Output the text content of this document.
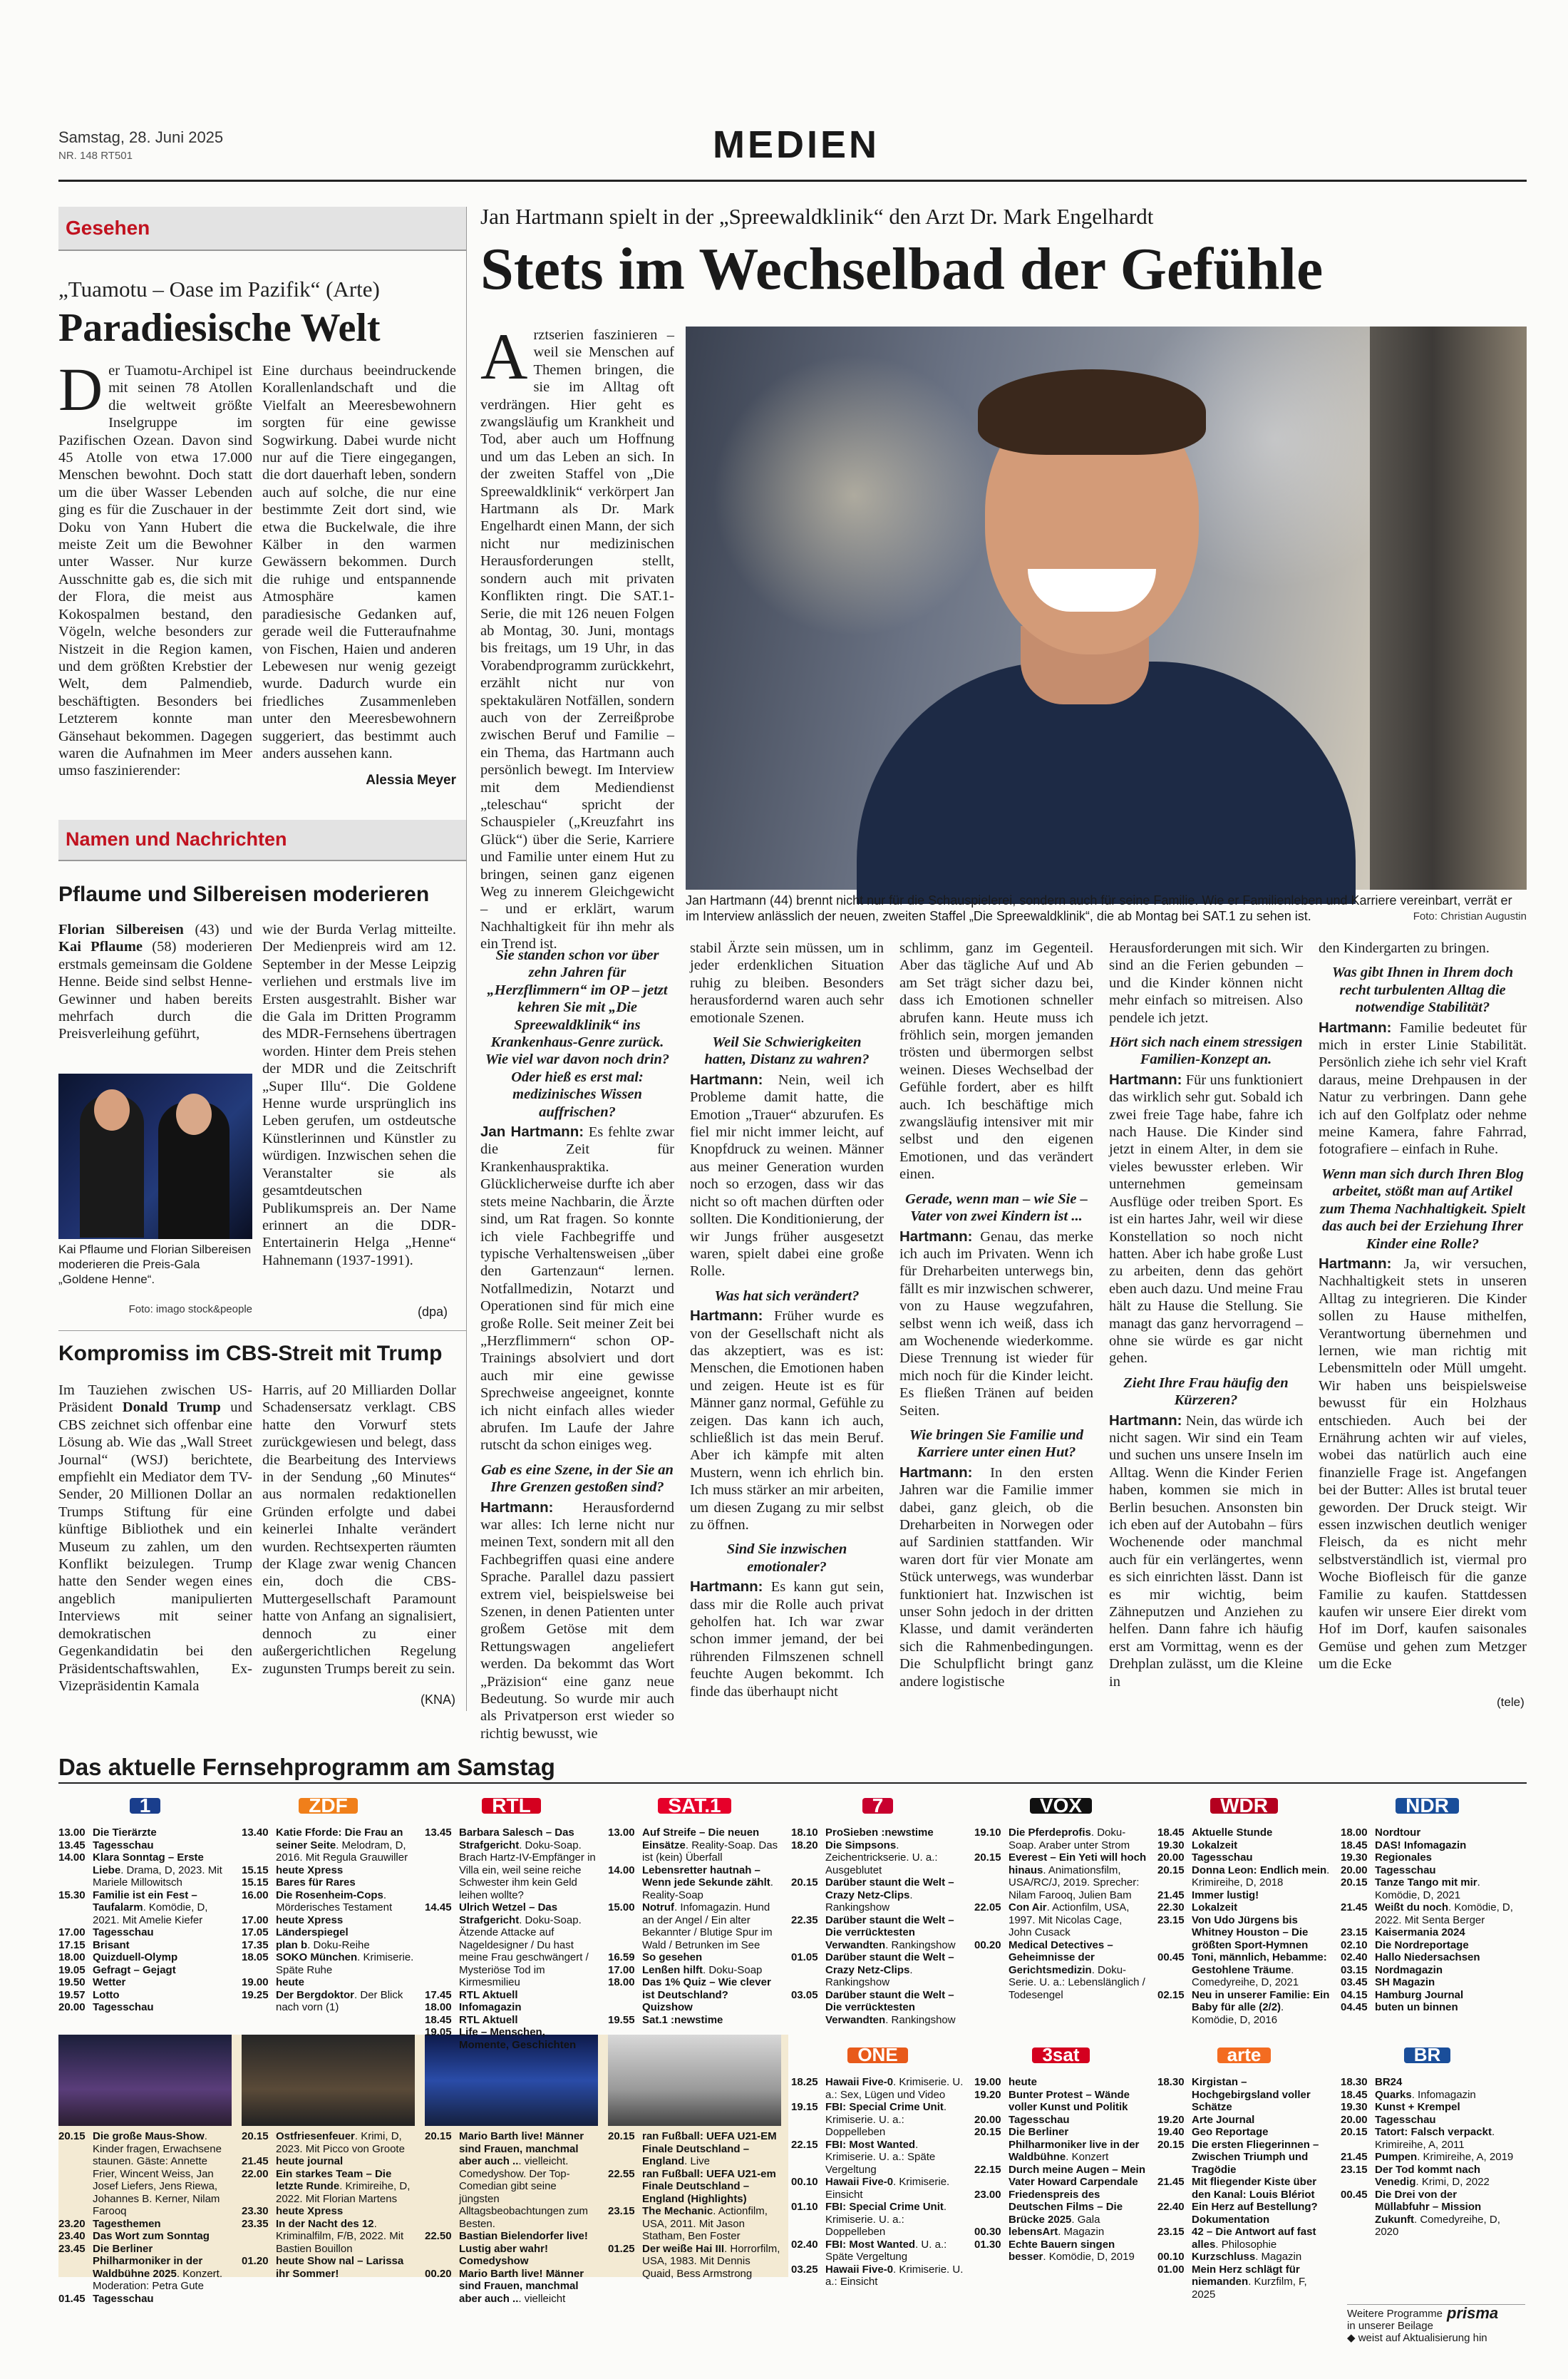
Samstag, 28. Juni 2025
NR. 148 RT501	MEDIEN
Gesehen
„Tuamotu – Oase im Pazifik“ (Arte)
Paradiesische Welt
Der Tuamotu-Archipel ist mit seinen 78 Atollen die weltweit größte Inselgruppe im Pazifischen Ozean. Davon sind 45 Atolle von etwa 17.000 Menschen bewohnt. Doch statt um die über Wasser Lebenden ging es für die Zuschauer in der Doku von Yann Hubert die meiste Zeit um die Bewohner unter Wasser. Nur kurze Ausschnitte gab es, die sich mit der Flora, die meist aus Kokospalmen bestand, den Vögeln, welche besonders zur Nistzeit in die Region kamen, und dem größten Krebstier der Welt, dem Palmendieb, beschäftigten. Besonders bei Letzterem konnte man Gänsehaut bekommen. Dagegen waren die Aufnahmen im Meer umso faszinierender:
Eine durchaus beeindruckende Korallenlandschaft und die Vielfalt an Meeresbewohnern sorgten für eine gewisse Sogwirkung. Dabei wurde nicht nur auf die Tiere eingegangen, die dort dauerhaft leben, sondern auch auf solche, die nur eine bestimmte Zeit dort sind, wie etwa die Buckelwale, die ihre Kälber in den warmen Gewässern bekommen. Durch die ruhige und entspannende Atmosphäre kamen paradiesische Gedanken auf, gerade weil die Futteraufnahme von Fischen, Haien und anderen Lebewesen nur wenig gezeigt wurde. Dadurch wurde ein friedliches Zusammenleben unter den Meeresbewohnern suggeriert, das bestimmt auch anders aussehen kann.
Alessia Meyer
Namen und Nachrichten
Pflaume und Silbereisen moderieren
Florian Silbereisen (43) und Kai Pflaume (58) moderieren erstmals gemeinsam die Goldene Henne. Beide sind selbst Henne-Gewinner und haben bereits mehrfach durch die Preisverleihung geführt,
Kai Pflaume und Florian Silbereisen moderieren die Preis-Gala „Goldene Henne“.
Foto: imago stock&people
wie der Burda Verlag mitteilte. Der Medienpreis wird am 12. September in der Messe Leipzig verliehen und erstmals live im Ersten ausgestrahlt. Bisher war die Gala im Dritten Programm des MDR-Fernsehens übertragen worden. Hinter dem Preis stehen der MDR und die Zeitschrift „Super Illu“. Die Goldene Henne wurde ursprünglich ins Leben gerufen, um ostdeutsche Künstlerinnen und Künstler zu würdigen. Inzwischen sehen die Veranstalter sie als gesamtdeutschen Publikumspreis an. Der Name erinnert an die DDR-Entertainerin Helga „Henne“ Hahnemann (1937-1991).
(dpa)
Kompromiss im CBS-Streit mit Trump
Im Tauziehen zwischen US-Präsident Donald Trump und CBS zeichnet sich offenbar eine Lösung ab. Wie das „Wall Street Journal“ (WSJ) berichtete, empfiehlt ein Mediator dem TV-Sender, 20 Millionen Dollar an Trumps Stiftung für eine künftige Bibliothek und ein Museum zu zahlen, um den Konflikt beizulegen. Trump hatte den Sender wegen eines angeblich manipulierten Interviews mit seiner demokratischen Gegenkandidatin bei den Präsidentschaftswahlen, Ex-Vizepräsidentin Kamala
Harris, auf 20 Milliarden Dollar Schadensersatz verklagt. CBS hatte den Vorwurf stets zurückgewiesen und belegt, dass die Bearbeitung des Interviews in der Sendung „60 Minutes“ aus normalen redaktionellen Gründen erfolgte und dabei keinerlei Inhalte verändert wurden. Rechtsexperten räumten der Klage zwar wenig Chancen ein, doch die CBS-Muttergesellschaft Paramount hatte von Anfang an signalisiert, dennoch zu einer außergerichtlichen Regelung zugunsten Trumps bereit zu sein.
(KNA)
Jan Hartmann spielt in der „Spreewaldklinik“ den Arzt Dr. Mark Engelhardt
Stets im Wechselbad der Gefühle
Arztserien faszinieren – weil sie Menschen auf Themen bringen, die sie im Alltag oft verdrängen. Hier geht es zwangsläufig um Krankheit und Tod, aber auch um Hoffnung und um das Leben an sich. In der zweiten Staffel von „Die Spreewaldklinik“ verkörpert Jan Hartmann als Dr. Mark Engelhardt einen Mann, der sich nicht nur medizinischen Herausforderungen stellt, sondern auch mit privaten Konflikten ringt. Die SAT.1-Serie, die mit 126 neuen Folgen ab Montag, 30. Juni, montags bis freitags, um 19 Uhr, in das Vorabendprogramm zurückkehrt, erzählt nicht nur von spektakulären Notfällen, sondern auch von der Zerreißprobe zwischen Beruf und Familie – ein Thema, das Hartmann auch persönlich bewegt. Im Interview mit dem Mediendienst „teleschau“ spricht der Schauspieler („Kreuzfahrt ins Glück“) über die Serie, Karriere und Familie unter einem Hut zu bringen, seinen ganz eigenen Weg zu innerem Gleichgewicht – und er erklärt, warum Nachhaltigkeit für ihn mehr als ein Trend ist.
Jan Hartmann (44) brennt nicht nur für die Schauspielerei, sondern auch für seine Familie. Wie er Familienleben und Karriere vereinbart, verrät er im Interview anlässlich der neuen, zweiten Staffel „Die Spreewaldklinik“, die ab Montag bei SAT.1 zu sehen ist.	Foto: Christian Augustin
Sie standen schon vor über zehn Jahren für „Herzflimmern“ im OP – jetzt kehren Sie mit „Die Spreewaldklinik“ ins Krankenhaus-Genre zurück. Wie viel war davon noch drin? Oder hieß es erst mal: medizinisches Wissen auffrischen?

Jan Hartmann: Es fehlte zwar die Zeit für Krankenhauspraktika. Glücklicherweise durfte ich aber stets meine Nachbarin, die Ärzte sind, um Rat fragen. So konnte ich viele Fachbegriffe und typische Verhaltensweisen „über den Gartenzaun“ lernen. Notfallmedizin, Notarzt und Operationen sind für mich eine große Rolle. Seit meiner Zeit bei „Herzflimmern“ schon OP-Trainings absolviert und dort auch mir eine gewisse Sprechweise angeeignet, konnte ich nicht einfach alles wieder abrufen. Im Laufe der Jahre rutscht da schon einiges weg.

Gab es eine Szene, in der Sie an Ihre Grenzen gestoßen sind?

Hartmann: Herausfordernd war alles: Ich lerne nicht nur meinen Text, sondern mit all den Fachbegriffen quasi eine andere Sprache. Parallel dazu passiert extrem viel, beispielsweise bei Szenen, in denen Patienten unter großem Getöse mit dem Rettungswagen angeliefert werden. Da bekommt das Wort „Präzision“ eine ganz neue Bedeutung. So wurde mir auch als Privatperson erst wieder so richtig bewusst, wie

stabil Ärzte sein müssen, um in jeder erdenklichen Situation ruhig zu bleiben. Besonders herausfordernd waren auch sehr emotionale Szenen.

Weil Sie Schwierigkeiten hatten, Distanz zu wahren?

Hartmann: Nein, weil ich Probleme damit hatte, die Emotion „Trauer“ abzurufen. Es fiel mir nicht immer leicht, auf Knopfdruck zu weinen. Männer aus meiner Generation wurden noch so erzogen, dass wir das nicht so oft machen dürften oder sollten. Die Konditionierung, der wir Jungs früher ausgesetzt waren, spielt dabei eine große Rolle.

Was hat sich verändert?

Hartmann: Früher wurde es von der Gesellschaft nicht als das akzeptiert, was es ist: Menschen, die Emotionen haben und zeigen. Heute ist es für Männer ganz normal, Gefühle zu zeigen. Das kann ich auch, schließlich ist das mein Beruf. Aber ich kämpfe mit alten Mustern, wenn ich ehrlich bin. Ich muss stärker an mir arbeiten, um diesen Zugang zu mir selbst zu öffnen.

Sind Sie inzwischen emotionaler?

Hartmann: Es kann gut sein, dass mir die Rolle auch privat geholfen hat. Ich war zwar schon immer jemand, der bei rührenden Filmszenen schnell feuchte Augen bekommt. Ich finde das überhaupt nicht

schlimm, ganz im Gegenteil. Aber das tägliche Auf und Ab am Set trägt sicher dazu bei, dass ich Emotionen schneller abrufen kann. Heute muss ich fröhlich sein, morgen jemanden trösten und übermorgen selbst weinen. Dieses Wechselbad der Gefühle fordert, aber es hilft auch. Ich beschäftige mich zwangsläufig intensiver mit mir selbst und den eigenen Emotionen, und das verändert einen.

Gerade, wenn man – wie Sie – Vater von zwei Kindern ist ...

Hartmann: Genau, das merke ich auch im Privaten. Wenn ich für Dreharbeiten unterwegs bin, fällt es mir inzwischen schwerer, von zu Hause wegzufahren, selbst wenn ich weiß, dass ich am Wochenende wiederkomme. Diese Trennung ist wieder für mich noch für die Kinder leicht. Es fließen Tränen auf beiden Seiten.

Wie bringen Sie Familie und Karriere unter einen Hut?

Hartmann: In den ersten Jahren war die Familie immer dabei, ganz gleich, ob die Dreharbeiten in Norwegen oder auf Sardinien stattfanden. Wir waren dort für vier Monate am Stück unterwegs, was wunderbar funktioniert hat. Inzwischen ist unser Sohn jedoch in der dritten Klasse, und damit veränderten sich die Rahmenbedingungen. Die Schulpflicht bringt ganz andere logistische

Herausforderungen mit sich. Wir sind an die Ferien gebunden – und die Kinder können nicht mehr einfach so mitreisen. Also pendele ich jetzt.

Hört sich nach einem stressigen Familien-Konzept an.

Hartmann: Für uns funktioniert das wirklich sehr gut. Sobald ich zwei freie Tage habe, fahre ich nach Hause. Die Kinder sind jetzt in einem Alter, in dem sie vieles bewusster erleben. Wir unternehmen gemeinsam Ausflüge oder treiben Sport. Es ist ein hartes Jahr, weil wir diese Konstellation so noch nicht hatten. Aber ich habe große Lust zu arbeiten, denn das gehört eben auch dazu. Und meine Frau hält zu Hause die Stellung. Sie managt das ganz hervorragend – ohne sie würde es gar nicht gehen.

Zieht Ihre Frau häufig den Kürzeren?

Hartmann: Nein, das würde ich nicht sagen. Wir sind ein Team und suchen uns unsere Inseln im Alltag. Wenn die Kinder Ferien haben, kommen sie mich in Berlin besuchen. Ansonsten bin ich eben auf der Autobahn – fürs Wochenende oder manchmal auch für ein verlängertes, wenn es sich einrichten lässt. Dann ist es mir wichtig, beim Zähneputzen und Anziehen zu helfen. Dann fahre ich häufig erst am Vormittag, wenn es der Drehplan zulässt, um die Kleine in

den Kindergarten zu bringen.

Was gibt Ihnen in Ihrem doch recht turbulenten Alltag die notwendige Stabilität?

Hartmann: Familie bedeutet für mich in erster Linie Stabilität. Persönlich ziehe ich sehr viel Kraft daraus, meine Drehpausen in der Natur zu verbringen. Dann gehe ich auf den Golfplatz oder nehme meine Kamera, fahre Fahrrad, fotografiere – einfach in Ruhe.

Wenn man sich durch Ihren Blog arbeitet, stößt man auf Artikel zum Thema Nachhaltigkeit. Spielt das auch bei der Erziehung Ihrer Kinder eine Rolle?

Hartmann: Ja, wir versuchen, Nachhaltigkeit stets in unseren Alltag zu integrieren. Die Kinder sollen zu Hause mithelfen, Verantwortung übernehmen und lernen, wie man richtig mit Lebensmitteln oder Müll umgeht. Wir haben uns beispielsweise bewusst für ein Holzhaus entschieden. Auch bei der Ernährung achten wir auf vieles, wobei das natürlich auch eine finanzielle Frage ist. Angefangen bei der Butter: Alles ist brutal teuer geworden. Der Druck steigt. Wir essen inzwischen deutlich weniger Fleisch, da es nicht mehr selbstverständlich ist, viermal pro Woche Biofleisch für die ganze Familie zu kaufen. Stattdessen kaufen wir unsere Eier direkt vom Hof im Dorf, kaufen saisonales Gemüse und gehen zum Metzger um die Ecke

(tele)
Das aktuelle Fernsehprogramm am Samstag
1
13.00 Die Tierärzte
13.45 Tagesschau
14.00 Klara Sonntag – Erste Liebe. Drama, D, 2023. Mit Mariele Millowitsch
15.30 Familie ist ein Fest – Taufalarm. Komödie, D, 2021. Mit Amelie Kiefer
17.00 Tagesschau
17.15 Brisant
18.00 Quizduell-Olymp
19.05 Gefragt – Gejagt
19.50 Wetter
19.57 Lotto
20.00 Tagesschau
20.15 Die große Maus-Show. Kinder fragen, Erwachsene staunen. Gäste: Annette Frier, Wincent Weiss, Jan Josef Liefers, Jens Riewa, Johannes B. Kerner, Nilam Farooq
23.20 Tagesthemen
23.40 Das Wort zum Sonntag
23.45 Die Berliner Philharmoniker in der Waldbühne 2025. Konzert. Moderation: Petra Gute
01.45 Tagesschau
ZDF
13.40 Katie Fforde: Die Frau an seiner Seite. Melodram, D, 2016. Mit Regula Grauwiller
15.15 heute Xpress
15.15 Bares für Rares
16.00 Die Rosenheim-Cops. Mörderisches Testament
17.00 heute Xpress
17.05 Länderspiegel
17.35 plan b. Doku-Reihe
18.05 SOKO München. Krimiserie. Späte Ruhe
19.00 heute
19.25 Der Bergdoktor. Der Blick nach vorn (1)
20.15 Ostfriesenfeuer. Krimi, D, 2023. Mit Picco von Groote
21.45 heute journal
22.00 Ein starkes Team – Die letzte Runde. Krimireihe, D, 2022. Mit Florian Martens
23.30 heute Xpress
23.35 In der Nacht des 12. Kriminalfilm, F/B, 2022. Mit Bastien Bouillon
01.20 heute Show nal – Larissa ihr Sommer!
RTL
13.45 Barbara Salesch – Das Strafgericht. Doku-Soap. Brach Hartz-IV-Empfänger in Villa ein, weil seine reiche Schwester ihm kein Geld leihen wollte?
14.45 Ulrich Wetzel – Das Strafgericht. Doku-Soap. Ätzende Attacke auf Nageldesigner / Du hast meine Frau geschwängert / Mysteriöse Tod im Kirmesmilieu
17.45 RTL Aktuell
18.00 Infomagazin
18.45 RTL Aktuell
19.05 Life – Menschen, Momente, Geschichten
20.15 Mario Barth live! Männer sind Frauen, manchmal aber auch ... vielleicht. Comedyshow. Der Top-Comedian gibt seine jüngsten Alltagsbeobachtungen zum Besten.
22.50 Bastian Bielendorfer live! Lustig aber wahr! Comedyshow
00.20 Mario Barth live! Männer sind Frauen, manchmal aber auch ... vielleicht
SAT.1
13.00 Auf Streife – Die neuen Einsätze. Reality-Soap. Das ist (kein) Überfall
14.00 Lebensretter hautnah – Wenn jede Sekunde zählt. Reality-Soap
15.00 Notruf. Infomagazin. Hund an der Angel / Ein alter Bekannter / Blutige Spur im Wald / Betrunken im See
16.59 So gesehen
17.00 Lenßen hilft. Doku-Soap
18.00 Das 1% Quiz – Wie clever ist Deutschland? Quizshow
19.55 Sat.1 :newstime
20.15 ran Fußball: UEFA U21-EM Finale Deutschland – England. Live
22.55 ran Fußball: UEFA U21-em Finale Deutschland – England (Highlights)
23.15 The Mechanic. Actionfilm, USA, 2011. Mit Jason Statham, Ben Foster
01.25 Der weiße Hai III. Horrorfilm, USA, 1983. Mit Dennis Quaid, Bess Armstrong
7
18.10 ProSieben :newstime
18.20 Die Simpsons. Zeichentrickserie. U. a.: Ausgeblutet
20.15 Darüber staunt die Welt – Crazy Netz-Clips. Rankingshow
22.35 Darüber staunt die Welt – Die verrücktesten Verwandten. Rankingshow
01.05 Darüber staunt die Welt – Crazy Netz-Clips. Rankingshow
03.05 Darüber staunt die Welt – Die verrücktesten Verwandten. Rankingshow
ONE
18.25 Hawaii Five-0. Krimiserie. U. a.: Sex, Lügen und Video
19.15 FBI: Special Crime Unit. Krimiserie. U. a.: Doppelleben
22.15 FBI: Most Wanted. Krimiserie. U. a.: Späte Vergeltung
00.10 Hawaii Five-0. Krimiserie. Einsicht
01.10 FBI: Special Crime Unit. Krimiserie. U. a.: Doppelleben
02.40 FBI: Most Wanted. U. a.: Späte Vergeltung
03.25 Hawaii Five-0. Krimiserie. U. a.: Einsicht
VOX
19.10 Die Pferdeprofis. Doku-Soap. Araber unter Strom
20.15 Everest – Ein Yeti will hoch hinaus. Animationsfilm, USA/RC/J, 2019. Sprecher: Nilam Farooq, Julien Bam
22.05 Con Air. Actionfilm, USA, 1997. Mit Nicolas Cage, John Cusack
00.20 Medical Detectives – Geheimnisse der Gerichtsmedizin. Doku-Serie. U. a.: Lebenslänglich / Todesengel
3sat
19.00 heute
19.20 Bunter Protest – Wände voller Kunst und Politik
20.00 Tagesschau
20.15 Die Berliner Philharmoniker live in der Waldbühne. Konzert
22.15 Durch meine Augen – Mein Vater Howard Carpendale
23.00 Friedenspreis des Deutschen Films – Die Brücke 2025. Gala
00.30 lebensArt. Magazin
01.30 Echte Bauern singen besser. Komödie, D, 2019
WDR
18.45 Aktuelle Stunde
19.30 Lokalzeit
20.00 Tagesschau
20.15 Donna Leon: Endlich mein. Krimireihe, D, 2018
21.45 Immer lustig!
22.30 Lokalzeit
23.15 Von Udo Jürgens bis Whitney Houston – Die größten Sport-Hymnen
00.45 Toni, männlich, Hebamme: Gestohlene Träume. Comedyreihe, D, 2021
02.15 Neu in unserer Familie: Ein Baby für alle (2/2). Komödie, D, 2016
arte
18.30 Kirgistan – Hochgebirgsland voller Schätze
19.20 Arte Journal
19.40 Geo Reportage
20.15 Die ersten Fliegerinnen – Zwischen Triumph und Tragödie
21.45 Mit fliegender Kiste über den Kanal: Louis Blériot
22.40 Ein Herz auf Bestellung? Dokumentation
23.15 42 – Die Antwort auf fast alles. Philosophie
00.10 Kurzschluss. Magazin
01.00 Mein Herz schlägt für niemanden. Kurzfilm, F, 2025
NDR
18.00 Nordtour
18.45 DAS! Infomagazin
19.30 Regionales
20.00 Tagesschau
20.15 Tanze Tango mit mir. Komödie, D, 2021
21.45 Weißt du noch. Komödie, D, 2022. Mit Senta Berger
23.15 Kaisermania 2024
02.10 Die Nordreportage
02.40 Hallo Niedersachsen
03.15 Nordmagazin
03.45 SH Magazin
04.15 Hamburg Journal
04.45 buten un binnen
BR
18.30 BR24
18.45 Quarks. Infomagazin
19.30 Kunst + Krempel
20.00 Tagesschau
20.15 Tatort: Falsch verpackt. Krimireihe, A, 2011
21.45 Pumpen. Krimireihe, A, 2019
23.15 Der Tod kommt nach Venedig. Krimi, D, 2022
00.45 Die Drei von der Müllabfuhr – Mission Zukunft. Comedyreihe, D, 2020
Weitere Programme
in unserer Beilage
◆ weist auf Aktualisierung hin
prisma
